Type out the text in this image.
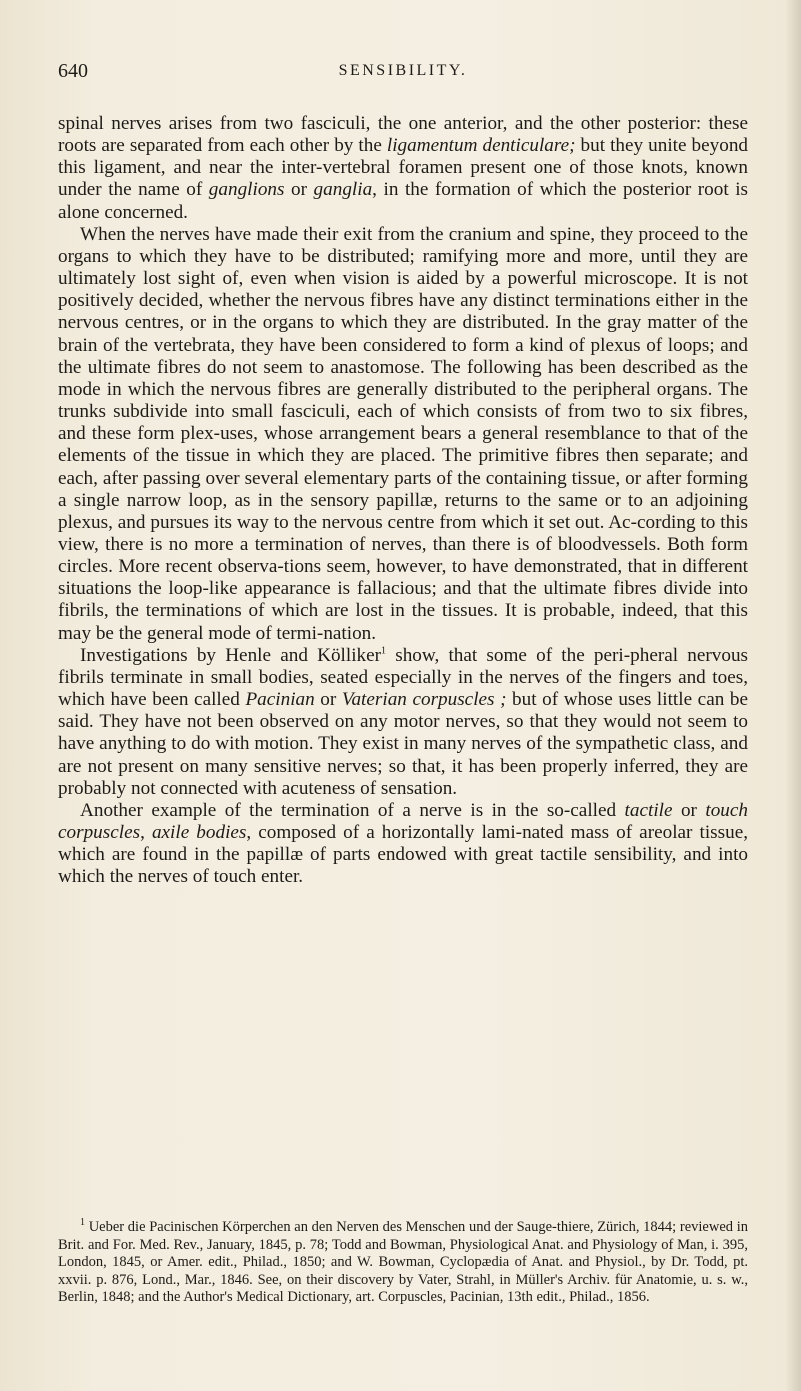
640	SENSIBILITY.

spinal nerves arises from two fasciculi, the one anterior, and the other posterior: these roots are separated from each other by the ligamentum denticulare; but they unite beyond this ligament, and near the inter-vertebral foramen present one of those knots, known under the name of ganglions or ganglia, in the formation of which the posterior root is alone concerned.

When the nerves have made their exit from the cranium and spine, they proceed to the organs to which they have to be distributed; ramifying more and more, until they are ultimately lost sight of, even when vision is aided by a powerful microscope. It is not positively decided, whether the nervous fibres have any distinct terminations either in the nervous centres, or in the organs to which they are distributed. In the gray matter of the brain of the vertebrata, they have been considered to form a kind of plexus of loops; and the ultimate fibres do not seem to anastomose. The following has been described as the mode in which the nervous fibres are generally distributed to the peripheral organs. The trunks subdivide into small fasciculi, each of which consists of from two to six fibres, and these form plex-uses, whose arrangement bears a general resemblance to that of the elements of the tissue in which they are placed. The primitive fibres then separate; and each, after passing over several elementary parts of the containing tissue, or after forming a single narrow loop, as in the sensory papillæ, returns to the same or to an adjoining plexus, and pursues its way to the nervous centre from which it set out. Ac-cording to this view, there is no more a termination of nerves, than there is of bloodvessels. Both form circles. More recent observa-tions seem, however, to have demonstrated, that in different situations the loop-like appearance is fallacious; and that the ultimate fibres divide into fibrils, the terminations of which are lost in the tissues. It is probable, indeed, that this may be the general mode of termi-nation.

Investigations by Henle and Kölliker$^1$ show, that some of the peri-pheral nervous fibrils terminate in small bodies, seated especially in the nerves of the fingers and toes, which have been called Pacinian or Vaterian corpuscles ; but of whose uses little can be said. They have not been observed on any motor nerves, so that they would not seem to have anything to do with motion. They exist in many nerves of the sympathetic class, and are not present on many sensitive nerves; so that, it has been properly inferred, they are probably not connected with acuteness of sensation.

Another example of the termination of a nerve is in the so-called tactile or touch corpuscles, axile bodies, composed of a horizontally lami-nated mass of areolar tissue, which are found in the papillæ of parts endowed with great tactile sensibility, and into which the nerves of touch enter.

$^1$ Ueber die Pacinischen Körperchen an den Nerven des Menschen und der Sauge-thiere, Zürich, 1844; reviewed in Brit. and For. Med. Rev., January, 1845, p. 78; Todd and Bowman, Physiological Anat. and Physiology of Man, i. 395, London, 1845, or Amer. edit., Philad., 1850; and W. Bowman, Cyclopædia of Anat. and Physiol., by Dr. Todd, pt. xxvii. p. 876, Lond., Mar., 1846. See, on their discovery by Vater, Strahl, in Müller's Archiv. für Anatomie, u. s. w., Berlin, 1848; and the Author's Medical Dictionary, art. Corpuscles, Pacinian, 13th edit., Philad., 1856.
